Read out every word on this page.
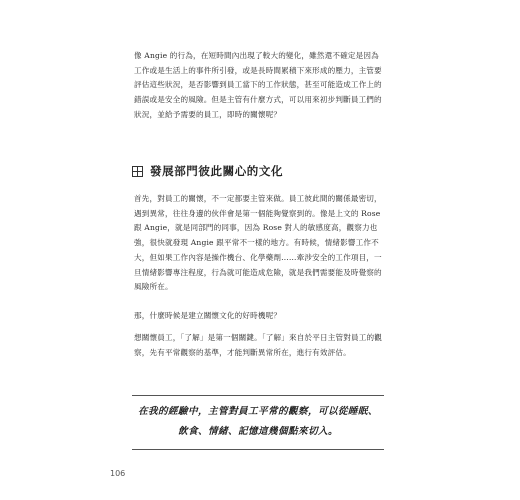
像 Angie 的行為，在短時間內出現了較大的變化，雖然還不確定是因為工作或是生活上的事件所引發，或是長時間累積下來形成的壓力，主管要評估這些狀況，是否影響到員工當下的工作狀態，甚至可能造成工作上的錯誤或是安全的風險。但是主管有什麼方式，可以用來初步判斷員工們的狀況，並給予需要的員工，即時的關懷呢？

發展部門彼此關心的文化

首先，對員工的關懷，不一定都要主管來做。員工彼此間的關係最密切，遇到異常，往往身邊的伙伴會是第一個能夠覺察到的。像是上文的 Rose 跟 Angie，就是同部門的同事，因為 Rose 對人的敏感度高，觀察力也強，很快就發現 Angie 跟平常不一樣的地方。有時候，情緒影響工作不大，但如果工作內容是操作機台、化學藥劑……牽涉安全的工作項目，一旦情緒影響專注程度，行為就可能造成危險，就是我們需要能及時覺察的風險所在。

那，什麼時候是建立關懷文化的好時機呢？

想關懷員工，「了解」是第一個關鍵。「了解」來自於平日主管對員工的觀察，先有平常觀察的基準，才能判斷異常所在，進行有效評估。

在我的經驗中，主管對員工平常的觀察，可以從睡眠、
飲食、情緒、記憶這幾個點來切入。
106
